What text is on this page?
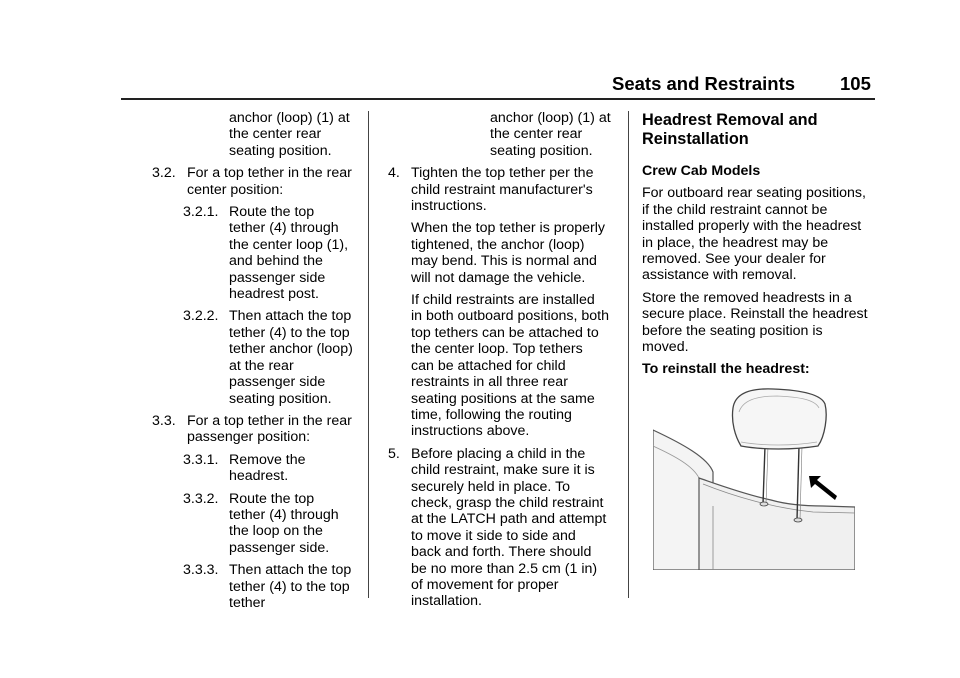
Seats and Restraints 105

anchor (loop) (1) at

the center rear

seating position.

3.2. For a top tether in the rear

center position:

3.2.1. Route the top

tether (4) through

the center loop (1),

and behind the

passenger side

headrest post.

3.2.2. Then attach the top

tether (4) to the top

tether anchor (loop)

at the rear

passenger side

seating position.

3.3. For a top tether in the rear

passenger position:

3.3.1. Remove the

headrest.

3.3.2. Route the top

tether (4) through

the loop on the

passenger side.

3.3.3. Then attach the top

tether (4) to the top

tether

anchor (loop) (1) at

the center rear

seating position.

4. Tighten the top tether per the

child restraint manufacturer's

instructions.

When the top tether is properly

tightened, the anchor (loop)

may bend. This is normal and

will not damage the vehicle.

If child restraints are installed

in both outboard positions, both

top tethers can be attached to

the center loop. Top tethers

can be attached for child

restraints in all three rear

seating positions at the same

time, following the routing

instructions above.

5. Before placing a child in the

child restraint, make sure it is

securely held in place. To

check, grasp the child restraint

at the LATCH path and attempt

to move it side to side and

back and forth. There should

be no more than 2.5 cm (1 in)

of movement for proper

installation.

Headrest Removal and
Reinstallation
Crew Cab Models

For outboard rear seating positions,

if the child restraint cannot be

installed properly with the headrest

in place, the headrest may be

removed. See your dealer for

assistance with removal.

Store the removed headrests in a

secure place. Reinstall the headrest

before the seating position is

moved.

To reinstall the headrest:
